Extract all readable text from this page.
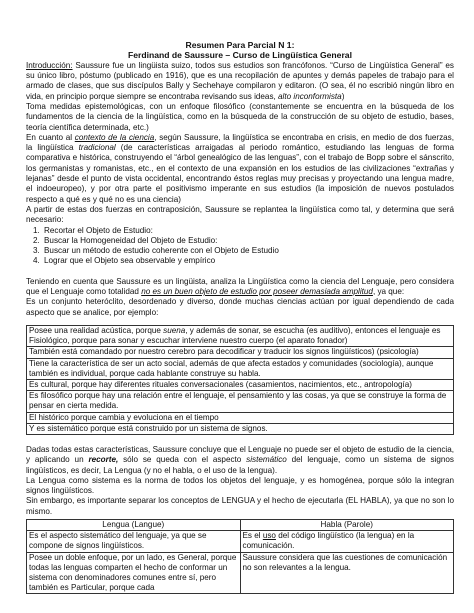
Resumen Para Parcial N 1:
Ferdinand de Saussure – Curso de Lingüística General

Introducción: Saussure fue un lingüista suizo, todos sus estudios son francófonos. “Curso de Lingüística General” es su único libro, póstumo (publicado en 1916), que es una recopilación de apuntes y demás papeles de trabajo para el armado de clases, que sus discípulos Bally y Sechehaye compilaron y editaron. (O sea, él no escribió ningún libro en vida, en principio porque siempre se encontraba revisando sus ideas, alto inconformista)

Toma medidas epistemológicas, con un enfoque filosófico (constantemente se encuentra en la búsqueda de los fundamentos de la ciencia de la lingüística, como en la búsqueda de la construcción de su objeto de estudio, bases, teoría científica determinada, etc.)

En cuanto al contexto de la ciencia, según Saussure, la lingüística se encontraba en crisis, en medio de dos fuerzas, la lingüística tradicional (de características arraigadas al periodo romántico, estudiando las lenguas de forma comparativa e histórica, construyendo el “árbol genealógico de las lenguas”, con el trabajo de Bopp sobre el sánscrito, los germanistas y romanistas, etc., en el contexto de una expansión en los estudios de las civilizaciones “extrañas y lejanas” desde el punto de vista occidental, encontrando éstos reglas muy precisas y proyectando una lengua madre, el indoeuropeo), y por otra parte el positivismo imperante en sus estudios (la imposición de nuevos postulados respecto a qué es y qué no es una ciencia)

A partir de estas dos fuerzas en contraposición, Saussure se replantea la lingüística como tal, y determina que será necesario:

1. Recortar el Objeto de Estudio:
2. Buscar la Homogeneidad del Objeto de Estudio:
3. Buscar un método de estudio coherente con el Objeto de Estudio
4. Lograr que el Objeto sea observable y empírico

Teniendo en cuenta que Saussure es un lingüista, analiza la Lingüística como la ciencia del Lenguaje, pero considera que el Lenguaje como totalidad no es un buen objeto de estudio por poseer demasiada amplitud, ya que:

Es un conjunto heteróclito, desordenado y diverso, donde muchas ciencias actúan por igual dependiendo de cada aspecto que se analice, por ejemplo:

Posee una realidad acústica, porque suena, y además de sonar, se escucha (es auditivo), entonces el lenguaje es Fisiológico, porque para sonar y escuchar interviene nuestro cuerpo (el aparato fonador)
También está comandado por nuestro cerebro para decodificar y traducir los signos lingüísticos) (psicología)
Tiene la característica de ser un acto social, además de que afecta estados y comunidades (sociología), aunque también es individual, porque cada hablante construye su habla.
Es cultural, porque hay diferentes rituales conversacionales (casamientos, nacimientos, etc., antropología)
Es filosófico porque hay una relación entre el lenguaje, el pensamiento y las cosas, ya que se construye la forma de pensar en cierta medida.
El histórico porque cambia y evoluciona en el tiempo
Y es sistemático porque está construido por un sistema de signos.

Dadas todas estas características, Saussure concluye que el Lenguaje no puede ser el objeto de estudio de la ciencia, y aplicando un recorte, sólo se queda con el aspecto sistemático del lenguaje, como un sistema de signos lingüísticos, es decir, La Lengua (y no el habla, o el uso de la lengua).

La Lengua como sistema es la norma de todos los objetos del lenguaje, y es homogénea, porque sólo la integran signos lingüísticos.

Sin embargo, es importante separar los conceptos de LENGUA y el hecho de ejecutarla (EL HABLA), ya que no son lo mismo.

Lengua (Langue)	Habla (Parole)
Es el aspecto sistemático del lenguaje, ya que se compone de signos lingüísticos.	Es el uso del código lingüístico (la lengua) en la comunicación.
Posee un doble enfoque, por un lado, es General, porque todas las lenguas comparten el hecho de conformar un sistema con denominadores comunes entre sí, pero también es Particular, porque cada	Saussure considera que las cuestiones de comunicación no son relevantes a la lengua.
